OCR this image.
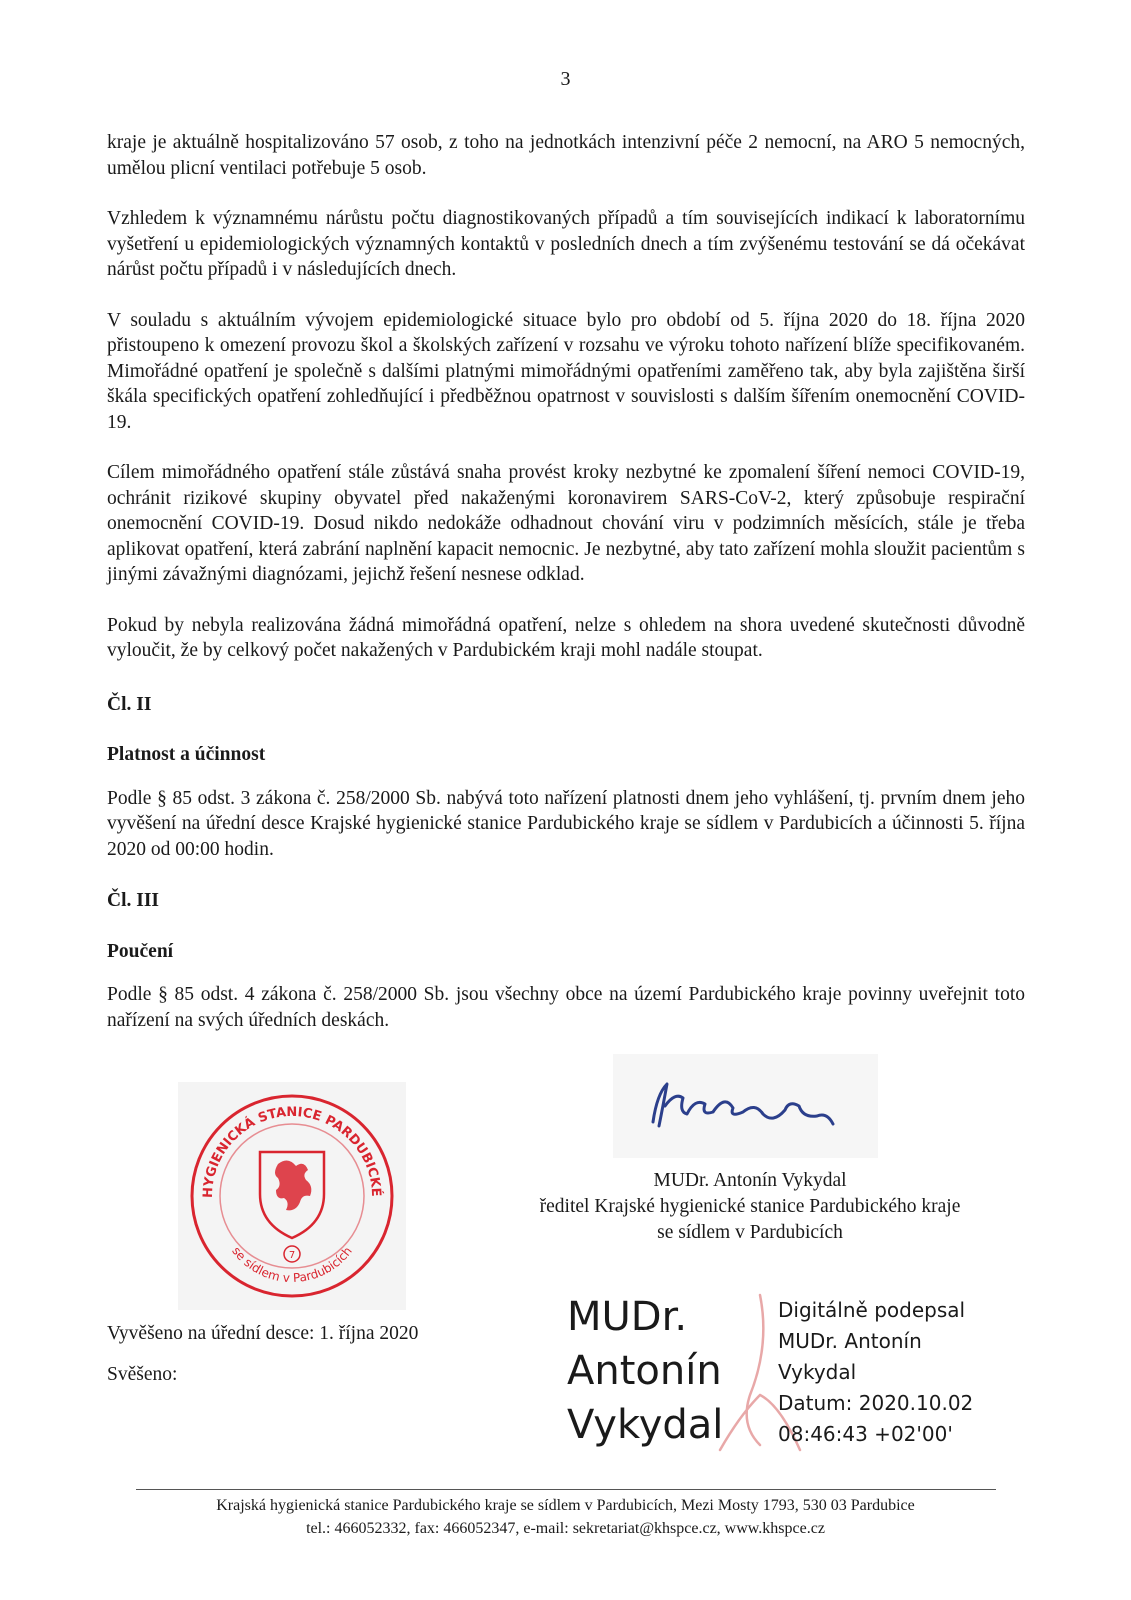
3

kraje je aktuálně hospitalizováno 57 osob, z toho na jednotkách intenzivní péče 2 nemocní, na ARO 5 nemocných, umělou plicní ventilaci potřebuje 5 osob.

Vzhledem k významnému nárůstu počtu diagnostikovaných případů a tím souvisejících indikací k laboratornímu vyšetření u epidemiologických významných kontaktů v posledních dnech a tím zvýšenému testování se dá očekávat nárůst počtu případů i v následujících dnech.

V souladu s aktuálním vývojem epidemiologické situace bylo pro období od 5. října 2020 do 18. října 2020 přistoupeno k omezení provozu škol a školských zařízení v rozsahu ve výroku tohoto nařízení blíže specifikovaném. Mimořádné opatření je společně s dalšími platnými mimořádnými opatřeními zaměřeno tak, aby byla zajištěna širší škála specifických opatření zohledňující i předběžnou opatrnost v souvislosti s dalším šířením onemocnění COVID-19.

Cílem mimořádného opatření stále zůstává snaha provést kroky nezbytné ke zpomalení šíření nemoci COVID-19, ochránit rizikové skupiny obyvatel před nakaženými koronavirem SARS-CoV-2, který způsobuje respirační onemocnění COVID-19. Dosud nikdo nedokáže odhadnout chování viru v podzimních měsících, stále je třeba aplikovat opatření, která zabrání naplnění kapacit nemocnic. Je nezbytné, aby tato zařízení mohla sloužit pacientům s jinými závažnými diagnózami, jejichž řešení nesnese odklad.

Pokud by nebyla realizována žádná mimořádná opatření, nelze s ohledem na shora uvedené skutečnosti důvodně vyloučit, že by celkový počet nakažených v Pardubickém kraji mohl nadále stoupat.

Čl. II

Platnost a účinnost

Podle § 85 odst. 3 zákona č. 258/2000 Sb. nabývá toto nařízení platnosti dnem jeho vyhlášení, tj. prvním dnem jeho vyvěšení na úřední desce Krajské hygienické stanice Pardubického kraje se sídlem v Pardubicích a účinnosti 5. října 2020 od 00:00 hodin.

Čl. III

Poučení

Podle § 85 odst. 4 zákona č. 258/2000 Sb. jsou všechny obce na území Pardubického kraje povinny uveřejnit toto nařízení na svých úředních deskách.

HYGIENICKÁ STANICE PARDUBICKÉ
se sídlem v Pardubicích
7
MUDr. Antonín Vykydal
ředitel Krajské hygienické stanice Pardubického kraje
se sídlem v Pardubicích
Vyvěšeno na úřední desce: 1. října 2020
Svěšeno:
MUDr.
Antonín
Vykydal
Digitálně podepsal
MUDr. Antonín
Vykydal
Datum: 2020.10.02
08:46:43 +02'00'
Krajská hygienická stanice Pardubického kraje se sídlem v Pardubicích, Mezi Mosty 1793, 530 03 Pardubice
tel.: 466052332, fax: 466052347, e-mail: sekretariat@khspce.cz, www.khspce.cz
